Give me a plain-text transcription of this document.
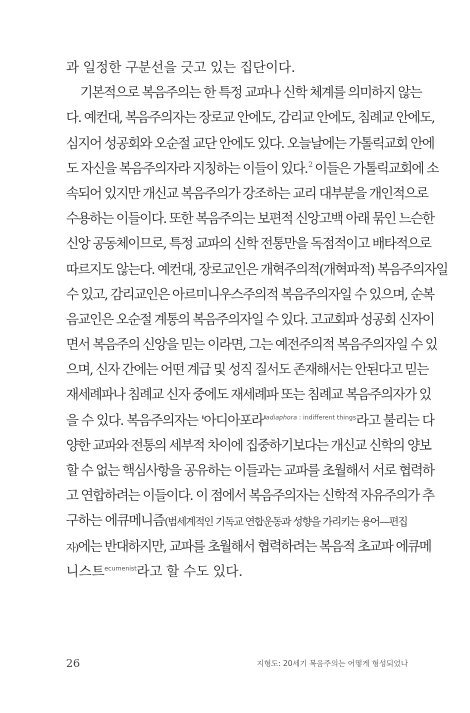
과 일정한 구분선을 긋고 있는 집단이다.
기본적으로 복음주의는 한 특정 교파나 신학 체계를 의미하지 않는
다. 예컨대, 복음주의자는 장로교 안에도, 감리교 안에도, 침례교 안에도,
심지어 성공회와 오순절 교단 안에도 있다. 오늘날에는 가톨릭교회 안에
도 자신을 복음주의자라 지칭하는 이들이 있다.$^2$ 이들은 가톨릭교회에 소
속되어 있지만 개신교 복음주의가 강조하는 교리 대부분을 개인적으로
수용하는 이들이다. 또한 복음주의는 보편적 신앙고백 아래 묶인 느슨한
신앙 공동체이므로, 특정 교파의 신학 전통만을 독점적이고 배타적으로
따르지도 않는다. 예컨대, 장로교인은 개혁주의적(개혁파적) 복음주의자일
수 있고, 감리교인은 아르미니우스주의적 복음주의자일 수 있으며, 순복
음교인은 오순절 계통의 복음주의자일 수 있다. 고교회파 성공회 신자이
면서 복음주의 신앙을 믿는 이라면, 그는 예전주의적 복음주의자일 수 있
으며, 신자 간에는 어떤 계급 및 성직 질서도 존재해서는 안된다고 믿는
재세례파나 침례교 신자 중에도 재세례파 또는 침례교 복음주의자가 있
을 수 있다. 복음주의자는 '아디아포라'$^{adiaphora : indifferent things}$라고 불리는 다
양한 교파와 전통의 세부적 차이에 집중하기보다는 개신교 신학의 양보
할 수 없는 핵심사항을 공유하는 이들과는 교파를 초월해서 서로 협력하
고 연합하려는 이들이다. 이 점에서 복음주의자는 신학적 자유주의가 추
구하는 에큐메니즘(범세계적인 기독교 연합운동과 성향을 가리키는 용어—편집
자)에는 반대하지만, 교파를 초월해서 협력하려는 복음적 초교파 에큐메
니스트$^{ecumenist}$라고 할 수도 있다.
26	지형도: 20세기 복음주의는 어떻게 형성되었나
